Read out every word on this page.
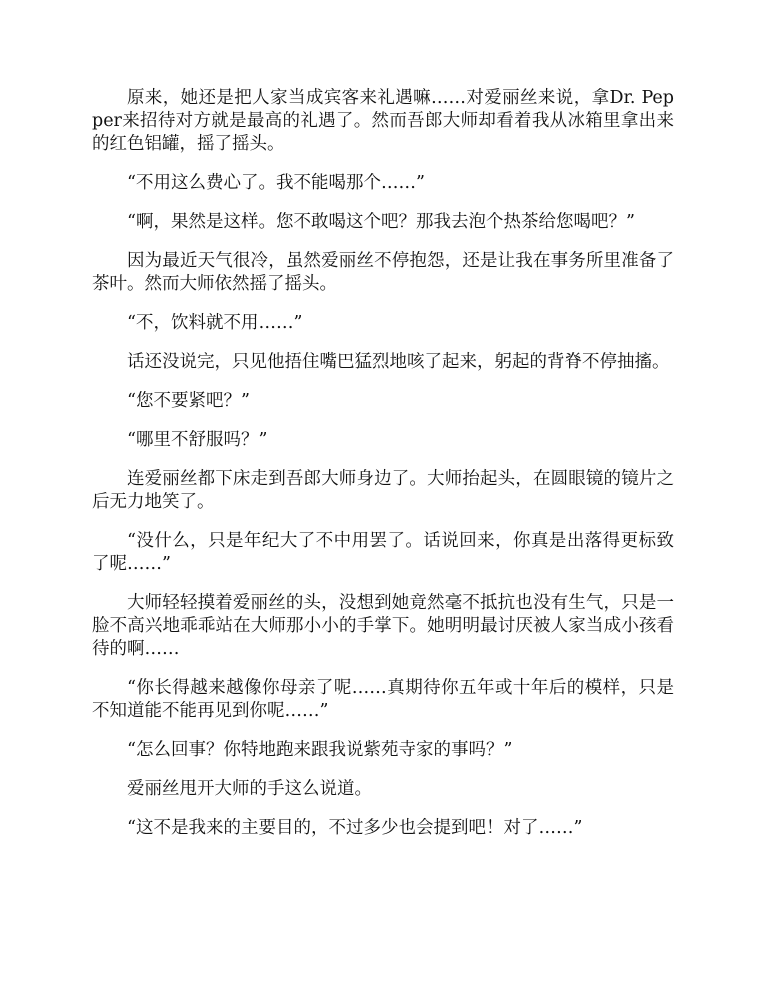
原来，她还是把人家当成宾客来礼遇嘛……对爱丽丝来说，拿Dr. Pepper来招待对方就是最高的礼遇了。然而吾郎大师却看着我从冰箱里拿出来的红色铝罐，摇了摇头。

“不用这么费心了。我不能喝那个……”

“啊，果然是这样。您不敢喝这个吧？那我去泡个热茶给您喝吧？”

因为最近天气很冷，虽然爱丽丝不停抱怨，还是让我在事务所里准备了茶叶。然而大师依然摇了摇头。

“不，饮料就不用……”

话还没说完，只见他捂住嘴巴猛烈地咳了起来，躬起的背脊不停抽搐。

“您不要紧吧？”

“哪里不舒服吗？”

连爱丽丝都下床走到吾郎大师身边了。大师抬起头，在圆眼镜的镜片之后无力地笑了。

“没什么，只是年纪大了不中用罢了。话说回来，你真是出落得更标致了呢……”

大师轻轻摸着爱丽丝的头，没想到她竟然毫不抵抗也没有生气，只是一脸不高兴地乖乖站在大师那小小的手掌下。她明明最讨厌被人家当成小孩看待的啊……

“你长得越来越像你母亲了呢……真期待你五年或十年后的模样，只是不知道能不能再见到你呢……”

“怎么回事？你特地跑来跟我说紫苑寺家的事吗？”

爱丽丝甩开大师的手这么说道。

“这不是我来的主要目的，不过多少也会提到吧！对了……”
